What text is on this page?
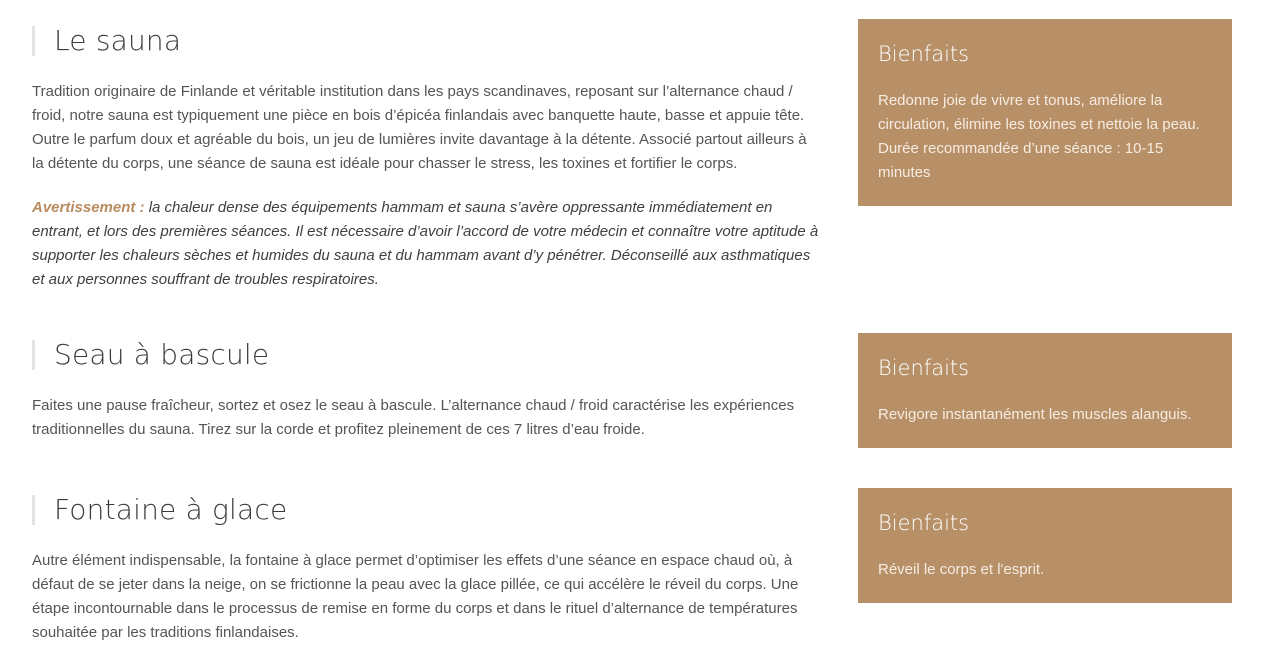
Le sauna

Tradition originaire de Finlande et véritable institution dans les pays scandinaves, reposant sur l’alternance chaud / froid, notre sauna est typiquement une pièce en bois d’épicéa finlandais avec banquette haute, basse et appuie tête. Outre le parfum doux et agréable du bois, un jeu de lumières invite davantage à la détente. Associé partout ailleurs à la détente du corps, une séance de sauna est idéale pour chasser le stress, les toxines et fortifier le corps.

Avertissement : la chaleur dense des équipements hammam et sauna s’avère oppressante immédiatement en entrant, et lors des premières séances. Il est nécessaire d’avoir l’accord de votre médecin et connaître votre aptitude à supporter les chaleurs sèches et humides du sauna et du hammam avant d’y pénétrer. Déconseillé aux asthmatiques et aux personnes souffrant de troubles respiratoires.

Bienfaits

Redonne joie de vivre et tonus, améliore la circulation, élimine les toxines et nettoie la peau. Durée recommandée d’une séance : 10-15 minutes

Seau à bascule

Faites une pause fraîcheur, sortez et osez le seau à bascule. L’alternance chaud / froid caractérise les expériences traditionnelles du sauna. Tirez sur la corde et profitez pleinement de ces 7 litres d’eau froide.

Bienfaits

Revigore instantanément les muscles alanguis.

Fontaine à glace

Autre élément indispensable, la fontaine à glace permet d’optimiser les effets d’une séance en espace chaud où, à défaut de se jeter dans la neige, on se frictionne la peau avec la glace pillée, ce qui accélère le réveil du corps. Une étape incontournable dans le processus de remise en forme du corps et dans le rituel d’alternance de températures souhaitée par les traditions finlandaises.

Bienfaits

Réveil le corps et l'esprit.
